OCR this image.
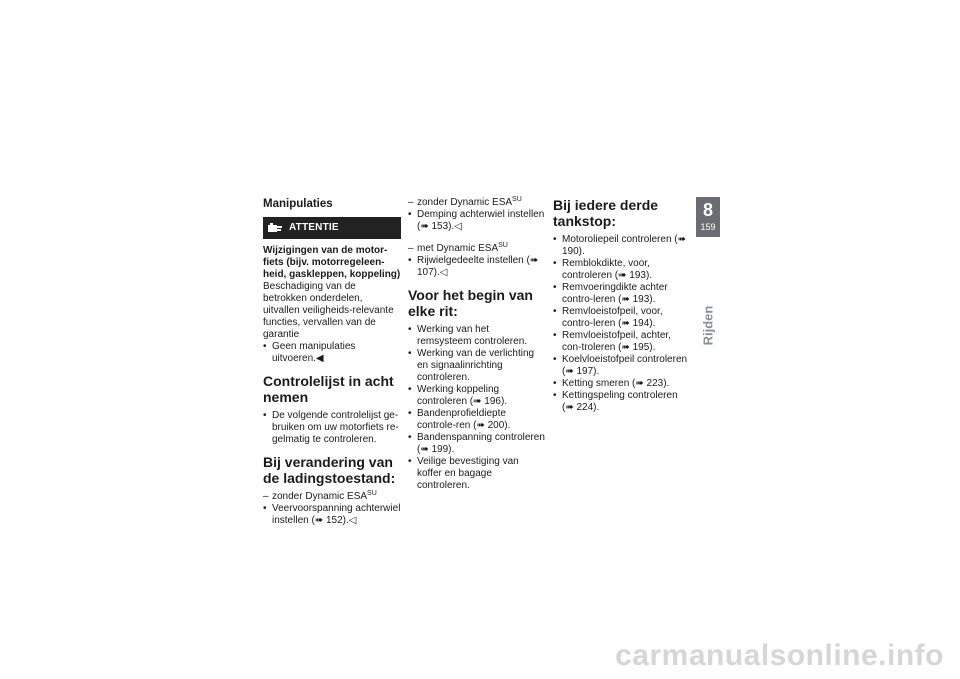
Manipulaties
ATTENTIE

Wijzigingen van de motor-fiets (bijv. motorregeleen-heid, gaskleppen, koppeling)

Beschadiging van de betrokken onderdelen, uitvallen veiligheids-relevante functies, vervallen van de garantie

• Geen manipulaties uitvoeren.◀
Controlelijst in acht nemen
• De volgende controlelijst ge-bruiken om uw motorfiets re-gelmatig te controleren.
Bij verandering van de ladingstoestand:
– zonder Dynamic $ESA^{SU}$
• Veervoorspanning achterwiel instellen (➠ 152).◁
– zonder Dynamic $ESA^{SU}$
• Demping achterwiel instellen (➠ 153).◁
– met Dynamic $ESA^{SU}$
• Rijwielgedeelte instellen (➠ 107).◁
Voor het begin van elke rit:
• Werking van het remsysteem controleren.
• Werking van de verlichting en signaalinrichting controleren.
• Werking koppeling controleren (➠ 196).
• Bandenprofieldiepte controle-ren (➠ 200).
• Bandenspanning controleren (➠ 199).
• Veilige bevestiging van koffer en bagage controleren.
Bij iedere derde tankstop:
• Motoroliepeil controleren (➠ 190).
• Remblokdikte, voor, controleren (➠ 193).
• Remvoeringdikte achter contro-leren (➠ 193).
• Remvloeistofpeil, voor, contro-leren (➠ 194).
• Remvloeistofpeil, achter, con-troleren (➠ 195).
• Koelvloeistofpeil controleren (➠ 197).
• Ketting smeren (➠ 223).
• Kettingspeling controleren (➠ 224).
8
159
Rijden
carmanualsonline.info
